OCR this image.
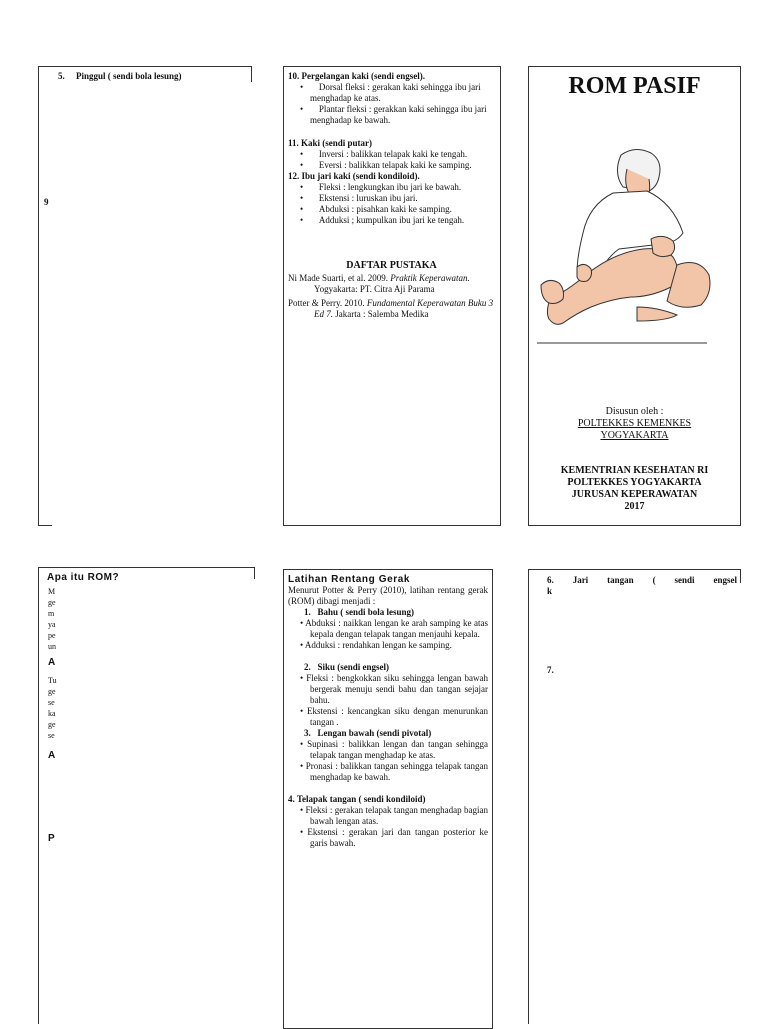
5. Pinggul ( sendi bola lesung)

9

10. Pergelangan kaki (sendi engsel).

•       Dorsal fleksi : gerakan kaki sehingga ibu jari menghadap ke atas.

•       Plantar fleksi : gerakkan kaki sehingga ibu jari menghadap ke bawah.

11. Kaki (sendi putar)

•       Inversi : balikkan telapak kaki ke tengah.

•       Eversi : balikkan telapak kaki ke samping.

12. Ibu jari kaki (sendi kondiloid).

•       Fleksi : lengkungkan ibu jari ke bawah.

•       Ekstensi : luruskan ibu jari.

•       Abduksi : pisahkan kaki ke samping.

•       Adduksi ; kumpulkan ibu jari ke tengah.

DAFTAR PUSTAKA

Ni Made Suarti, et al. 2009. Praktik Keperawatan. Yogyakarta: PT. Citra Aji Parama

Potter & Perry. 2010. Fundamental Keperawatan Buku 3 Ed 7. Jakarta : Salemba Medika

ROM PASIF

Disusun oleh :

POLTEKKES KEMENKES

YOGYAKARTA

KEMENTRIAN KESEHATAN RI

POLTEKKES YOGYAKARTA

JURUSAN KEPERAWATAN

2017

Apa itu ROM?

M

ge

m

ya

pe

un

A

Tu

ge

se

ka

ge

se

A

P

Latihan Rentang Gerak

Menurut Potter & Perry (2010), latihan rentang gerak (ROM) dibagi menjadi :

1. Bahu ( sendi bola lesung)

• Abduksi : naikkan lengan ke arah samping ke atas kepala dengan telapak tangan menjauhi kepala.

• Adduksi : rendahkan lengan ke samping.

2. Siku (sendi engsel)

• Fleksi : bengkokkan siku sehingga lengan bawah bergerak menuju sendi bahu dan tangan sejajar bahu.

• Ekstensi : kencangkan siku dengan menurunkan tangan .

3. Lengan bawah (sendi pivotal)

• Supinasi : balikkan lengan dan tangan sehingga telapak tangan menghadap ke atas.

• Pronasi : balikkan tangan sehingga telapak tangan menghadap ke bawah.

4. Telapak tangan ( sendi kondiloid)

• Fleksi : gerakan telapak tangan menghadap bagian bawah lengan atas.

• Ekstensi : gerakan jari dan tangan posterior ke garis bawah.

6. Jari tangan ( sendi engsel

k

7.
